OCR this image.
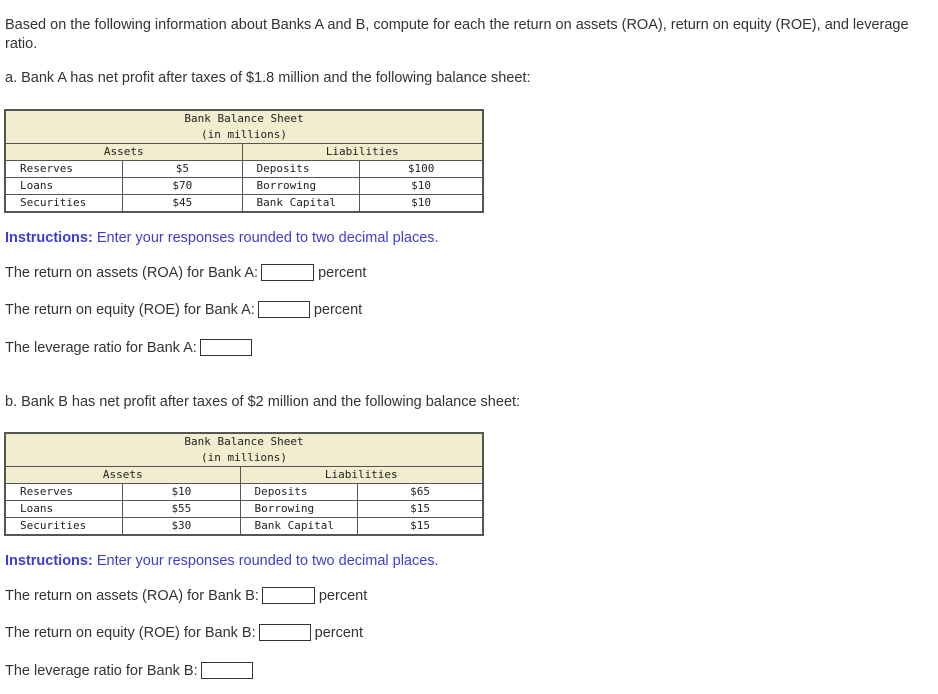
Based on the following information about Banks A and B, compute for each the return on assets (ROA), return on equity (ROE), and leverage ratio.
a. Bank A has net profit after taxes of $1.8 million and the following balance sheet:
Bank Balance Sheet			
(in millions)			
Assets		Liabilities	
Reserves	$5	Deposits	$100
Loans	$70	Borrowing	$10
Securities	$45	Bank Capital	$10
Instructions: Enter your responses rounded to two decimal places.
The return on assets (ROA) for Bank A:	percent
The return on equity (ROE) for Bank A:	percent
The leverage ratio for Bank A:
b. Bank B has net profit after taxes of $2 million and the following balance sheet:
Bank Balance Sheet			
(in millions)			
Assets		Liabilities	
Reserves	$10	Deposits	$65
Loans	$55	Borrowing	$15
Securities	$30	Bank Capital	$15
Instructions: Enter your responses rounded to two decimal places.
The return on assets (ROA) for Bank B:	percent
The return on equity (ROE) for Bank B:	percent
The leverage ratio for Bank B:
